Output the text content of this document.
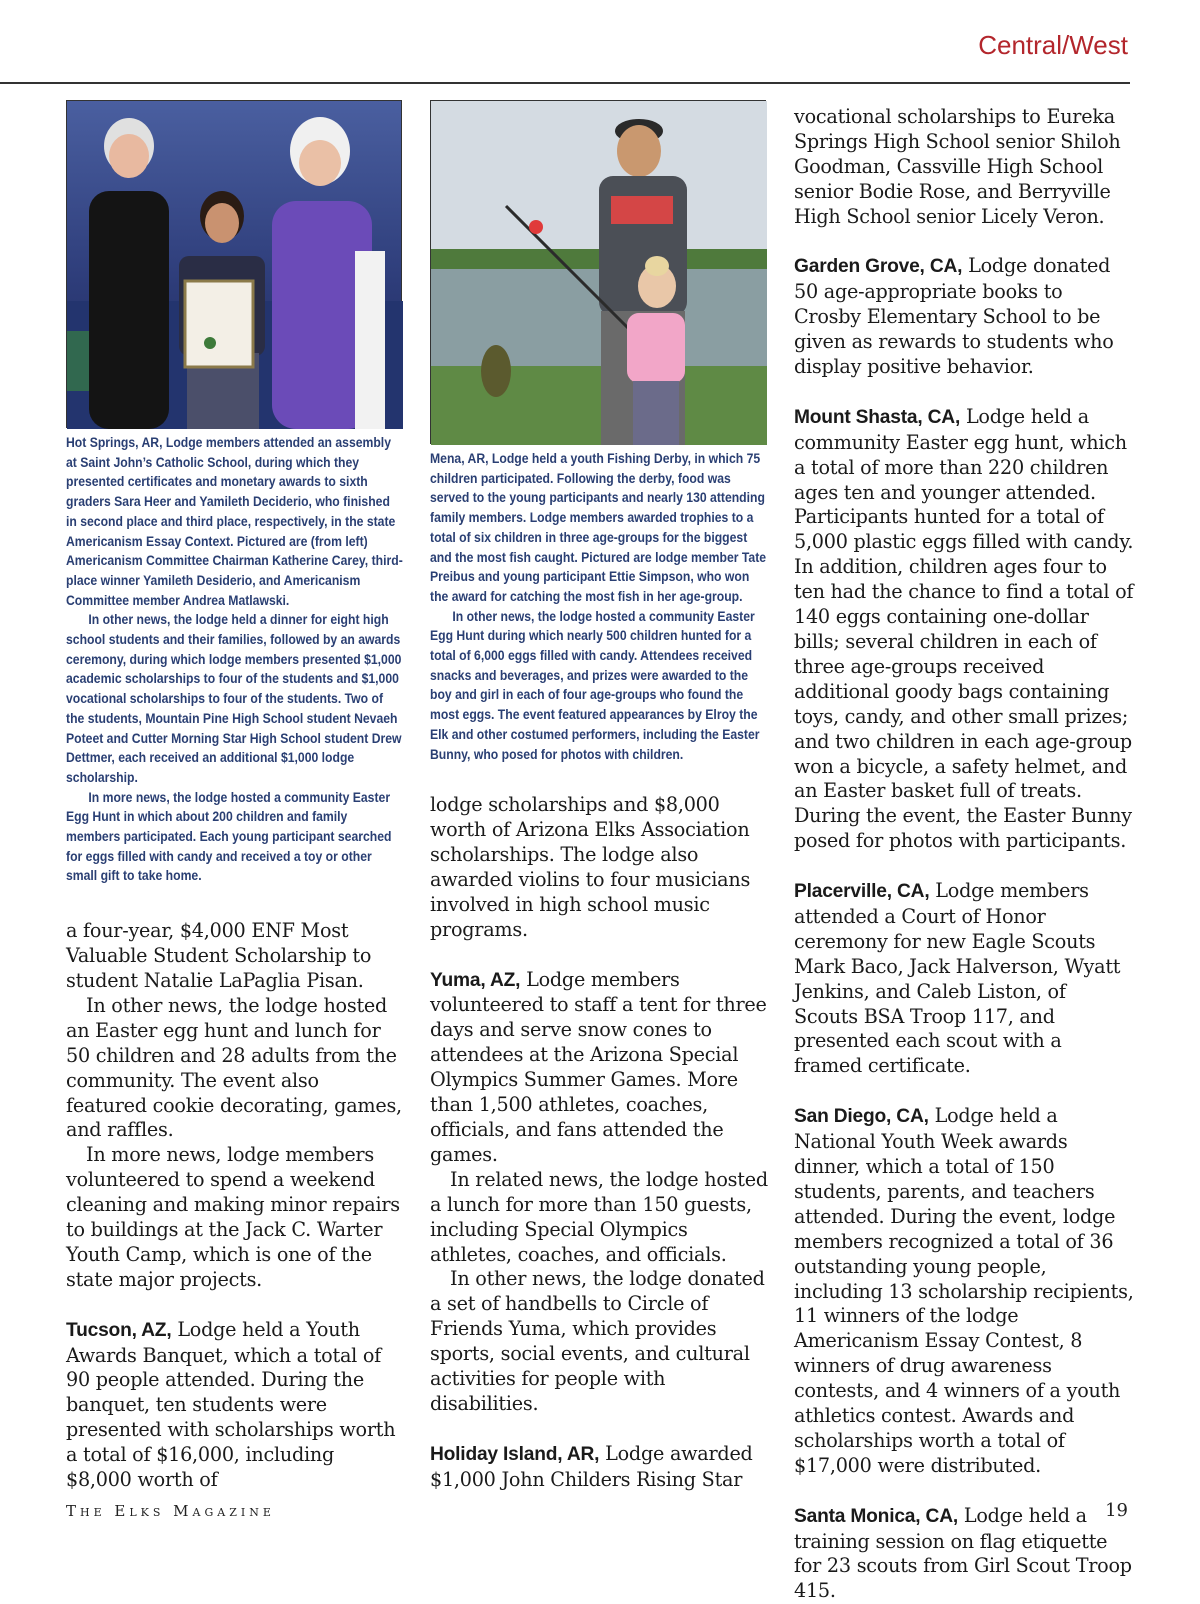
Central/West

Hot Springs, AR, Lodge members attended an assembly at Saint John’s Catholic School, during which they presented certificates and monetary awards to sixth graders Sara Heer and Yamileth Deciderio, who finished in second place and third place, respectively, in the state Americanism Essay Context. Pictured are (from left) Americanism Committee Chairman Katherine Carey, third-place winner Yamileth Desiderio, and Americanism Committee member Andrea Matlawski.

In other news, the lodge held a dinner for eight high school students and their families, followed by an awards ceremony, during which lodge members presented $1,000 academic scholarships to four of the students and $1,000 vocational scholarships to four of the students. Two of the students, Mountain Pine High School student Nevaeh Poteet and Cutter Morning Star High School student Drew Dettmer, each received an additional $1,000 lodge scholarship.

In more news, the lodge hosted a community Easter Egg Hunt in which about 200 children and family members participated. Each young participant searched for eggs filled with candy and received a toy or other small gift to take home.

a four-year, $4,000 ENF Most Valuable Student Scholarship to student Natalie LaPaglia Pisan.

In other news, the lodge hosted an Easter egg hunt and lunch for 50 children and 28 adults from the community. The event also featured cookie decorating, games, and raffles.

In more news, lodge members volunteered to spend a weekend cleaning and making minor repairs to buildings at the Jack C. Warter Youth Camp, which is one of the state major projects.

Tucson, AZ, Lodge held a Youth Awards Banquet, which a total of 90 people attended. During the banquet, ten students were presented with scholarships worth a total of $16,000, including $8,000 worth of

Mena, AR, Lodge held a youth Fishing Derby, in which 75 children participated. Following the derby, food was served to the young participants and nearly 130 attending family members. Lodge members awarded trophies to a total of six children in three age-groups for the biggest and the most fish caught. Pictured are lodge member Tate Preibus and young participant Ettie Simpson, who won the award for catching the most fish in her age-group.

In other news, the lodge hosted a community Easter Egg Hunt during which nearly 500 children hunted for a total of 6,000 eggs filled with candy. Attendees received snacks and beverages, and prizes were awarded to the boy and girl in each of four age-groups who found the most eggs. The event featured appearances by Elroy the Elk and other costumed performers, including the Easter Bunny, who posed for photos with children.

lodge scholarships and $8,000 worth of Arizona Elks Association scholarships. The lodge also awarded violins to four musicians involved in high school music programs.

Yuma, AZ, Lodge members volunteered to staff a tent for three days and serve snow cones to attendees at the Arizona Special Olympics Summer Games. More than 1,500 athletes, coaches, officials, and fans attended the games.

In related news, the lodge hosted a lunch for more than 150 guests, including Special Olympics athletes, coaches, and officials.

In other news, the lodge donated a set of handbells to Circle of Friends Yuma, which provides sports, social events, and cultural activities for people with disabilities.

Holiday Island, AR, Lodge awarded $1,000 John Childers Rising Star

vocational scholarships to Eureka Springs High School senior Shiloh Goodman, Cassville High School senior Bodie Rose, and Berryville High School senior Licely Veron.

Garden Grove, CA, Lodge donated 50 age-appropriate books to Crosby Elementary School to be given as rewards to students who display positive behavior.

Mount Shasta, CA, Lodge held a community Easter egg hunt, which a total of more than 220 children ages ten and younger attended. Participants hunted for a total of 5,000 plastic eggs filled with candy. In addition, children ages four to ten had the chance to find a total of 140 eggs containing one-dollar bills; several children in each of three age-groups received additional goody bags containing toys, candy, and other small prizes; and two children in each age-group won a bicycle, a safety helmet, and an Easter basket full of treats. During the event, the Easter Bunny posed for photos with participants.

Placerville, CA, Lodge members attended a Court of Honor ceremony for new Eagle Scouts Mark Baco, Jack Halverson, Wyatt Jenkins, and Caleb Liston, of Scouts BSA Troop 117, and presented each scout with a framed certificate.

San Diego, CA, Lodge held a National Youth Week awards dinner, which a total of 150 students, parents, and teachers attended. During the event, lodge members recognized a total of 36 outstanding young people, including 13 scholarship recipients, 11 winners of the lodge Americanism Essay Contest, 8 winners of drug awareness contests, and 4 winners of a youth athletics contest. Awards and scholarships worth a total of $17,000 were distributed.

Santa Monica, CA, Lodge held a training session on flag etiquette for 23 scouts from Girl Scout Troop 415.

The Elks Magazine	19
